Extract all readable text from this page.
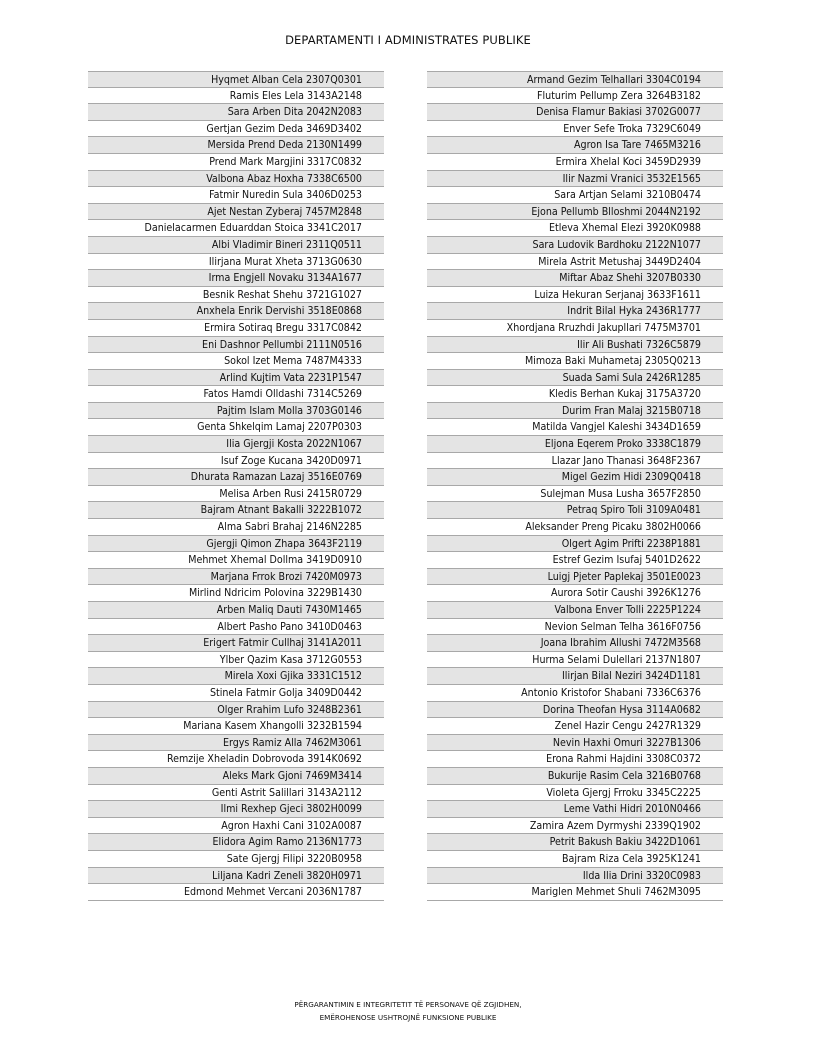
DEPARTAMENTI I ADMINISTRATES PUBLIKE
Hyqmet Alban Cela 2307Q0301
Ramis Eles Lela 3143A2148
Sara Arben Dita 2042N2083
Gertjan Gezim Deda 3469D3402
Mersida Prend Deda 2130N1499
Prend Mark Margjini 3317C0832
Valbona Abaz Hoxha 7338C6500
Fatmir Nuredin Sula 3406D0253
Ajet Nestan Zyberaj 7457M2848
Danielacarmen Eduarddan Stoica 3341C2017
Albi Vladimir Bineri 2311Q0511
Ilirjana Murat Xheta 3713G0630
Irma Engjell Novaku 3134A1677
Besnik Reshat Shehu 3721G1027
Anxhela Enrik Dervishi 3518E0868
Ermira Sotiraq Bregu 3317C0842
Eni Dashnor Pellumbi 2111N0516
Sokol Izet Mema 7487M4333
Arlind Kujtim Vata 2231P1547
Fatos Hamdi Olldashi 7314C5269
Pajtim Islam Molla 3703G0146
Genta Shkelqim Lamaj 2207P0303
Ilia Gjergji Kosta 2022N1067
Isuf Zoge Kucana 3420D0971
Dhurata Ramazan Lazaj 3516E0769
Melisa Arben Rusi 2415R0729
Bajram Atnant Bakalli 3222B1072
Alma Sabri Brahaj 2146N2285
Gjergji Qimon Zhapa 3643F2119
Mehmet Xhemal Dollma 3419D0910
Marjana Frrok Brozi 7420M0973
Mirlind Ndricim Polovina 3229B1430
Arben Maliq Dauti 7430M1465
Albert Pasho Pano 3410D0463
Erigert Fatmir Cullhaj 3141A2011
Ylber Qazim Kasa 3712G0553
Mirela Xoxi Gjika 3331C1512
Stinela Fatmir Golja 3409D0442
Olger Rrahim Lufo 3248B2361
Mariana Kasem Xhangolli 3232B1594
Ergys Ramiz Alla 7462M3061
Remzije Xheladin Dobrovoda 3914K0692
Aleks Mark Gjoni 7469M3414
Genti Astrit Salillari 3143A2112
Ilmi Rexhep Gjeci 3802H0099
Agron Haxhi Cani 3102A0087
Elidora Agim Ramo 2136N1773
Sate Gjergj Filipi 3220B0958
Liljana Kadri Zeneli 3820H0971
Edmond Mehmet Vercani 2036N1787
Armand Gezim Telhallari 3304C0194
Fluturim Pellump Zera 3264B3182
Denisa Flamur Bakiasi 3702G0077
Enver Sefe Troka 7329C6049
Agron Isa Tare 7465M3216
Ermira Xhelal Koci 3459D2939
Ilir Nazmi Vranici 3532E1565
Sara Artjan Selami 3210B0474
Ejona Pellumb Blloshmi 2044N2192
Etleva Xhemal Elezi 3920K0988
Sara Ludovik Bardhoku 2122N1077
Mirela Astrit Metushaj 3449D2404
Miftar Abaz Shehi 3207B0330
Luiza Hekuran Serjanaj 3633F1611
Indrit Bilal Hyka 2436R1777
Xhordjana Rruzhdi Jakupllari 7475M3701
Ilir Ali Bushati 7326C5879
Mimoza Baki Muhametaj 2305Q0213
Suada Sami Sula 2426R1285
Kledis Berhan Kukaj 3175A3720
Durim Fran Malaj 3215B0718
Matilda Vangjel Kaleshi 3434D1659
Eljona Eqerem Proko 3338C1879
Llazar Jano Thanasi 3648F2367
Migel Gezim Hidi 2309Q0418
Sulejman Musa Lusha 3657F2850
Petraq Spiro Toli 3109A0481
Aleksander Preng Picaku 3802H0066
Olgert Agim Prifti 2238P1881
Estref Gezim Isufaj 5401D2622
Luigj Pjeter Paplekaj 3501E0023
Aurora Sotir Caushi 3926K1276
Valbona Enver Tolli 2225P1224
Nevion Selman Telha 3616F0756
Joana Ibrahim Allushi 7472M3568
Hurma Selami Dulellari 2137N1807
Ilirjan Bilal Neziri 3424D1181
Antonio Kristofor Shabani 7336C6376
Dorina Theofan Hysa 3114A0682
Zenel Hazir Cengu 2427R1329
Nevin Haxhi Omuri 3227B1306
Erona Rahmi Hajdini 3308C0372
Bukurije Rasim Cela 3216B0768
Violeta Gjergj Frroku 3345C2225
Leme Vathi Hidri 2010N0466
Zamira Azem Dyrmyshi 2339Q1902
Petrit Bakush Bakiu 3422D1061
Bajram Riza Cela 3925K1241
Ilda Ilia Drini 3320C0983
Mariglen Mehmet Shuli 7462M3095
PËRGARANTIMIN E INTEGRITETIT TË PERSONAVE QË ZGJIDHEN,
EMËROHENOSE USHTROJNË FUNKSIONE PUBLIKE
